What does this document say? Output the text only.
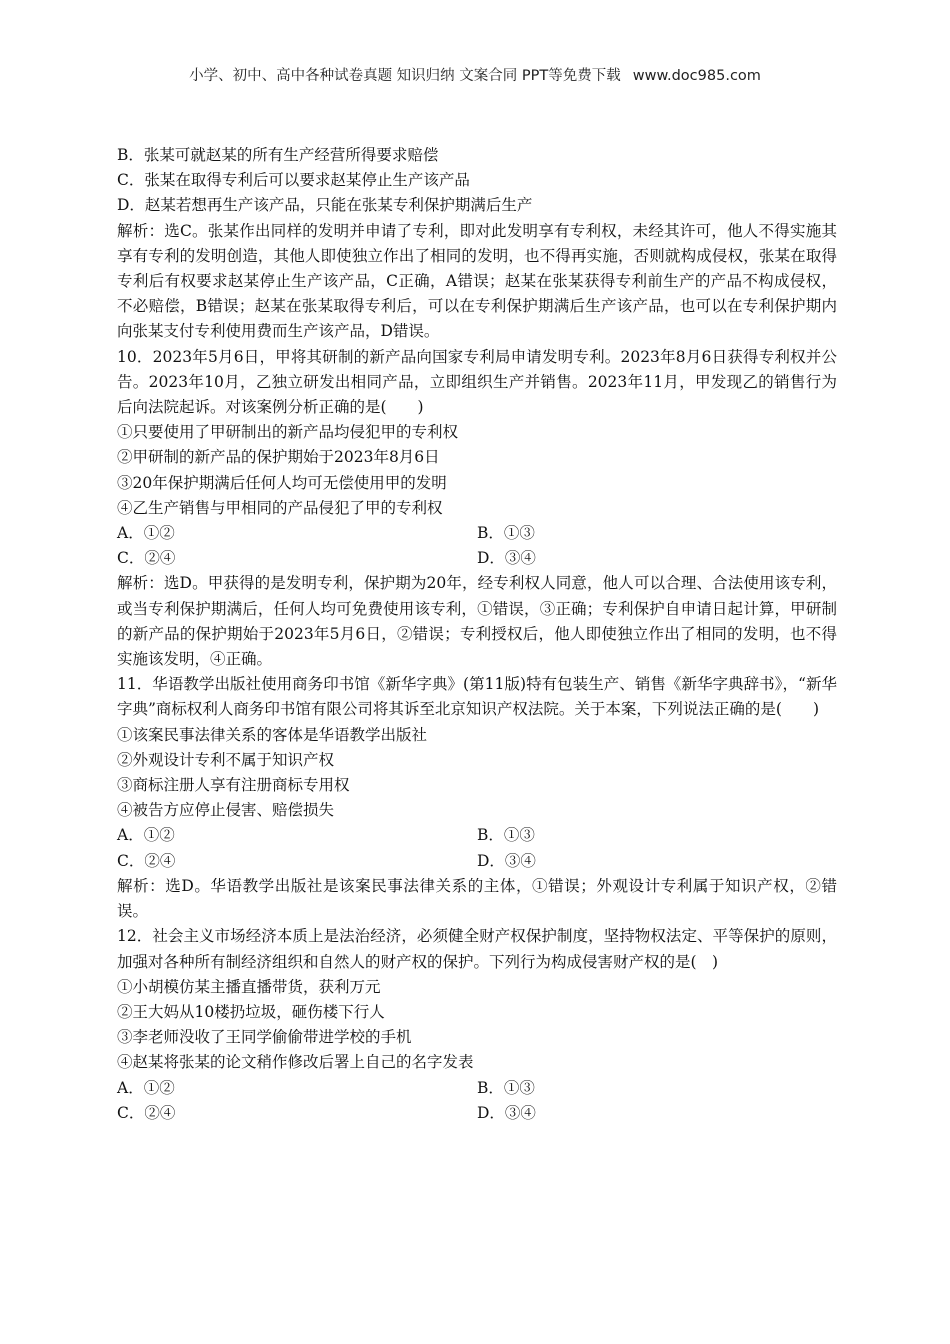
小学、初中、高中各种试卷真题 知识归纳 文案合同 PPT等免费下载 www.doc985.com

B．张某可就赵某的所有生产经营所得要求赔偿

C．张某在取得专利后可以要求赵某停止生产该产品

D．赵某若想再生产该产品，只能在张某专利保护期满后生产

解析：选C。张某作出同样的发明并申请了专利，即对此发明享有专利权，未经其许可，他人不得实施其享有专利的发明创造，其他人即使独立作出了相同的发明，也不得再实施，否则就构成侵权，张某在取得专利后有权要求赵某停止生产该产品，C正确，A错误；赵某在张某获得专利前生产的产品不构成侵权，不必赔偿，B错误；赵某在张某取得专利后，可以在专利保护期满后生产该产品，也可以在专利保护期内向张某支付专利使用费而生产该产品，D错误。

10．2023年5月6日，甲将其研制的新产品向国家专利局申请发明专利。2023年8月6日获得专利权并公告。2023年10月，乙独立研发出相同产品，立即组织生产并销售。2023年11月，甲发现乙的销售行为后向法院起诉。对该案例分析正确的是(　　)

①只要使用了甲研制出的新产品均侵犯甲的专利权

②甲研制的新产品的保护期始于2023年8月6日

③20年保护期满后任何人均可无偿使用甲的发明

④乙生产销售与甲相同的产品侵犯了甲的专利权

A．①②	B．①③
C．②④	D．③④

解析：选D。甲获得的是发明专利，保护期为20年，经专利权人同意，他人可以合理、合法使用该专利，或当专利保护期满后，任何人均可免费使用该专利，①错误，③正确；专利保护自申请日起计算，甲研制的新产品的保护期始于2023年5月6日，②错误；专利授权后，他人即使独立作出了相同的发明，也不得实施该发明，④正确。

11．华语教学出版社使用商务印书馆《新华字典》(第11版)特有包装生产、销售《新华字典辞书》，“新华字典”商标权利人商务印书馆有限公司将其诉至北京知识产权法院。关于本案，下列说法正确的是(　　)

①该案民事法律关系的客体是华语教学出版社

②外观设计专利不属于知识产权

③商标注册人享有注册商标专用权

④被告方应停止侵害、赔偿损失

A．①②	B．①③
C．②④	D．③④

解析：选D。华语教学出版社是该案民事法律关系的主体，①错误；外观设计专利属于知识产权，②错误。

12．社会主义市场经济本质上是法治经济，必须健全财产权保护制度，坚持物权法定、平等保护的原则，加强对各种所有制经济组织和自然人的财产权的保护。下列行为构成侵害财产权的是(　)

①小胡模仿某主播直播带货，获利万元

②王大妈从10楼扔垃圾，砸伤楼下行人

③李老师没收了王同学偷偷带进学校的手机

④赵某将张某的论文稍作修改后署上自己的名字发表

A．①②	B．①③
C．②④	D．③④
